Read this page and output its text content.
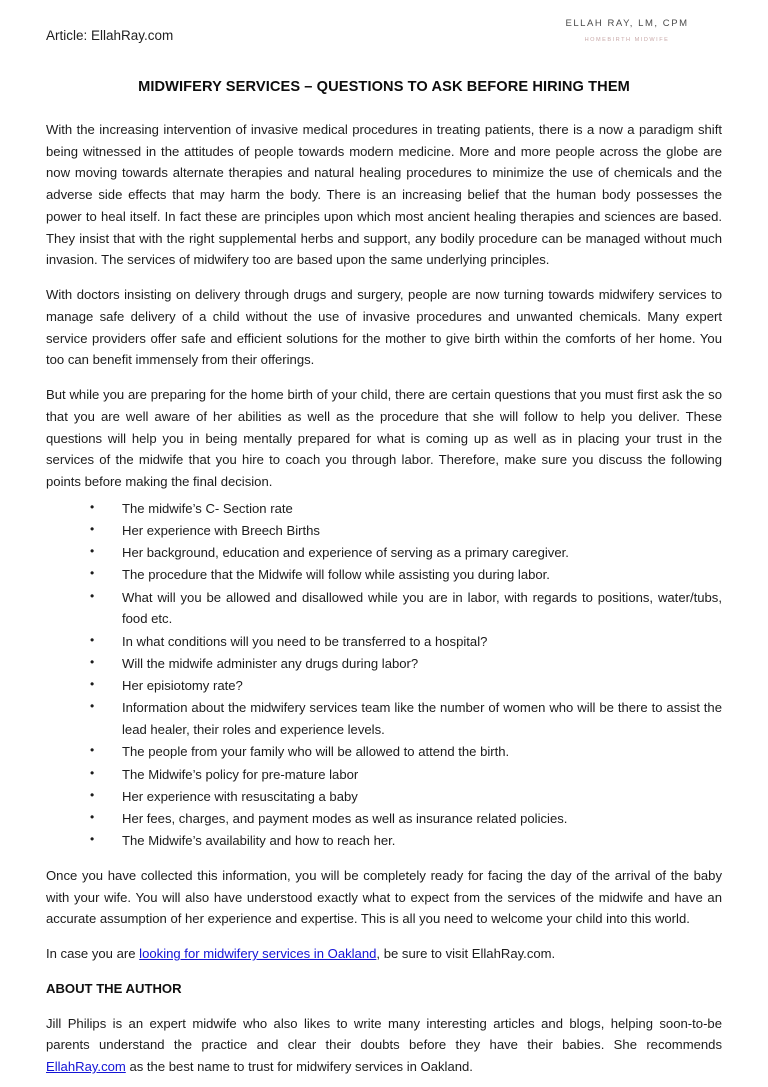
Article: EllahRay.com
ELLAH RAY, LM, CPM
HOMEBIRTH MIDWIFE
MIDWIFERY SERVICES – QUESTIONS TO ASK BEFORE HIRING THEM

With the increasing intervention of invasive medical procedures in treating patients, there is a now a paradigm shift being witnessed in the attitudes of people towards modern medicine. More and more people across the globe are now moving towards alternate therapies and natural healing procedures to minimize the use of chemicals and the adverse side effects that may harm the body. There is an increasing belief that the human body possesses the power to heal itself. In fact these are principles upon which most ancient healing therapies and sciences are based. They insist that with the right supplemental herbs and support, any bodily procedure can be managed without much invasion. The services of midwifery too are based upon the same underlying principles.

With doctors insisting on delivery through drugs and surgery, people are now turning towards midwifery services to manage safe delivery of a child without the use of invasive procedures and unwanted chemicals. Many expert service providers offer safe and efficient solutions for the mother to give birth within the comforts of her home. You too can benefit immensely from their offerings.

But while you are preparing for the home birth of your child, there are certain questions that you must first ask the so that you are well aware of her abilities as well as the procedure that she will follow to help you deliver. These questions will help you in being mentally prepared for what is coming up as well as in placing your trust in the services of the midwife that you hire to coach you through labor. Therefore, make sure you discuss the following points before making the final decision.

• The midwife’s C- Section rate
• Her experience with Breech Births
• Her background, education and experience of serving as a primary caregiver.
• The procedure that the Midwife will follow while assisting you during labor.
• What will you be allowed and disallowed while you are in labor, with regards to positions, water/tubs, food etc.
• In what conditions will you need to be transferred to a hospital?
• Will the midwife administer any drugs during labor?
• Her episiotomy rate?
• Information about the midwifery services team like the number of women who will be there to assist the lead healer, their roles and experience levels.
• The people from your family who will be allowed to attend the birth.
• The Midwife’s policy for pre-mature labor
• Her experience with resuscitating a baby
• Her fees, charges, and payment modes as well as insurance related policies.
• The Midwife’s availability and how to reach her.

Once you have collected this information, you will be completely ready for facing the day of the arrival of the baby with your wife. You will also have understood exactly what to expect from the services of the midwife and have an accurate assumption of her experience and expertise. This is all you need to welcome your child into this world.

In case you are looking for midwifery services in Oakland, be sure to visit EllahRay.com.

ABOUT THE AUTHOR

Jill Philips is an expert midwife who also likes to write many interesting articles and blogs, helping soon-to-be parents understand the practice and clear their doubts before they have their babies. She recommends EllahRay.com as the best name to trust for midwifery services in Oakland.
